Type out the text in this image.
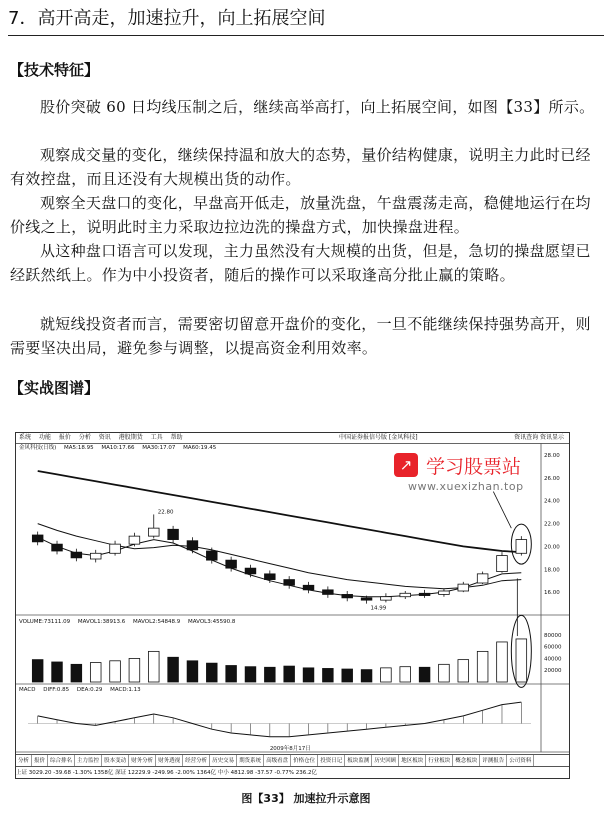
7．高开高走，加速拉升，向上拓展空间
【技术特征】

股价突破 60 日均线压制之后，继续高举高打，向上拓展空间，如图【33】所示。

观察成交量的变化，继续保持温和放大的态势，量价结构健康，说明主力此时已经有效控盘，而且还没有大规模出货的动作。

观察全天盘口的变化，早盘高开低走，放量洗盘，午盘震荡走高，稳健地运行在均价线之上，说明此时主力采取边拉边洗的操盘方式，加快操盘进程。

从这种盘口语言可以发现，主力虽然没有大规模的出货，但是，急切的操盘愿望已经跃然纸上。作为中小投资者，随后的操作可以采取逢高分批止赢的策略。

就短线投资者而言，需要密切留意开盘价的变化，一旦不能继续保持强势高开，则需要坚决出局，避免参与调整，以提高资金利用效率。

【实战图谱】
系统 功能 报价 分析 资讯 港股期货 工具 帮助	中国证券报信号版 [金风科技]	资讯查询 资讯显示
金风科技(日线) MA5:18.95 MA10:17.66 MA30:17.07 MA60:19.45
VOLUME:73111.09 MAVOL1:38913.6 MAVOL2:54848.9 MAVOL3:45590.8
MACD DIFF:0.85 DEA:0.29 MACD:1.13
28.00
26.00
24.00
22.00
20.00
18.00
16.00
80000
60000
40000
20000
22.80
14.99
2009年8月17日
分析 报价 综合排名 主力监控 股本变动 财务分析 财务透视 经营分析 历史交易 期货系统 高级看盘 价格仓位 投资日记 板块监测 历史回顾 地区板块 行业板块 概念板块 评测报告 公司资料
上证 3029.20 -39.68 -1.30% 1358亿 深证 12229.9 -249.96 -2.00% 1364亿 中小 4812.98 -37.57 -0.77% 236.2亿
↗ 学习股票站
www.xuexizhan.top
图【33】 加速拉升示意图
